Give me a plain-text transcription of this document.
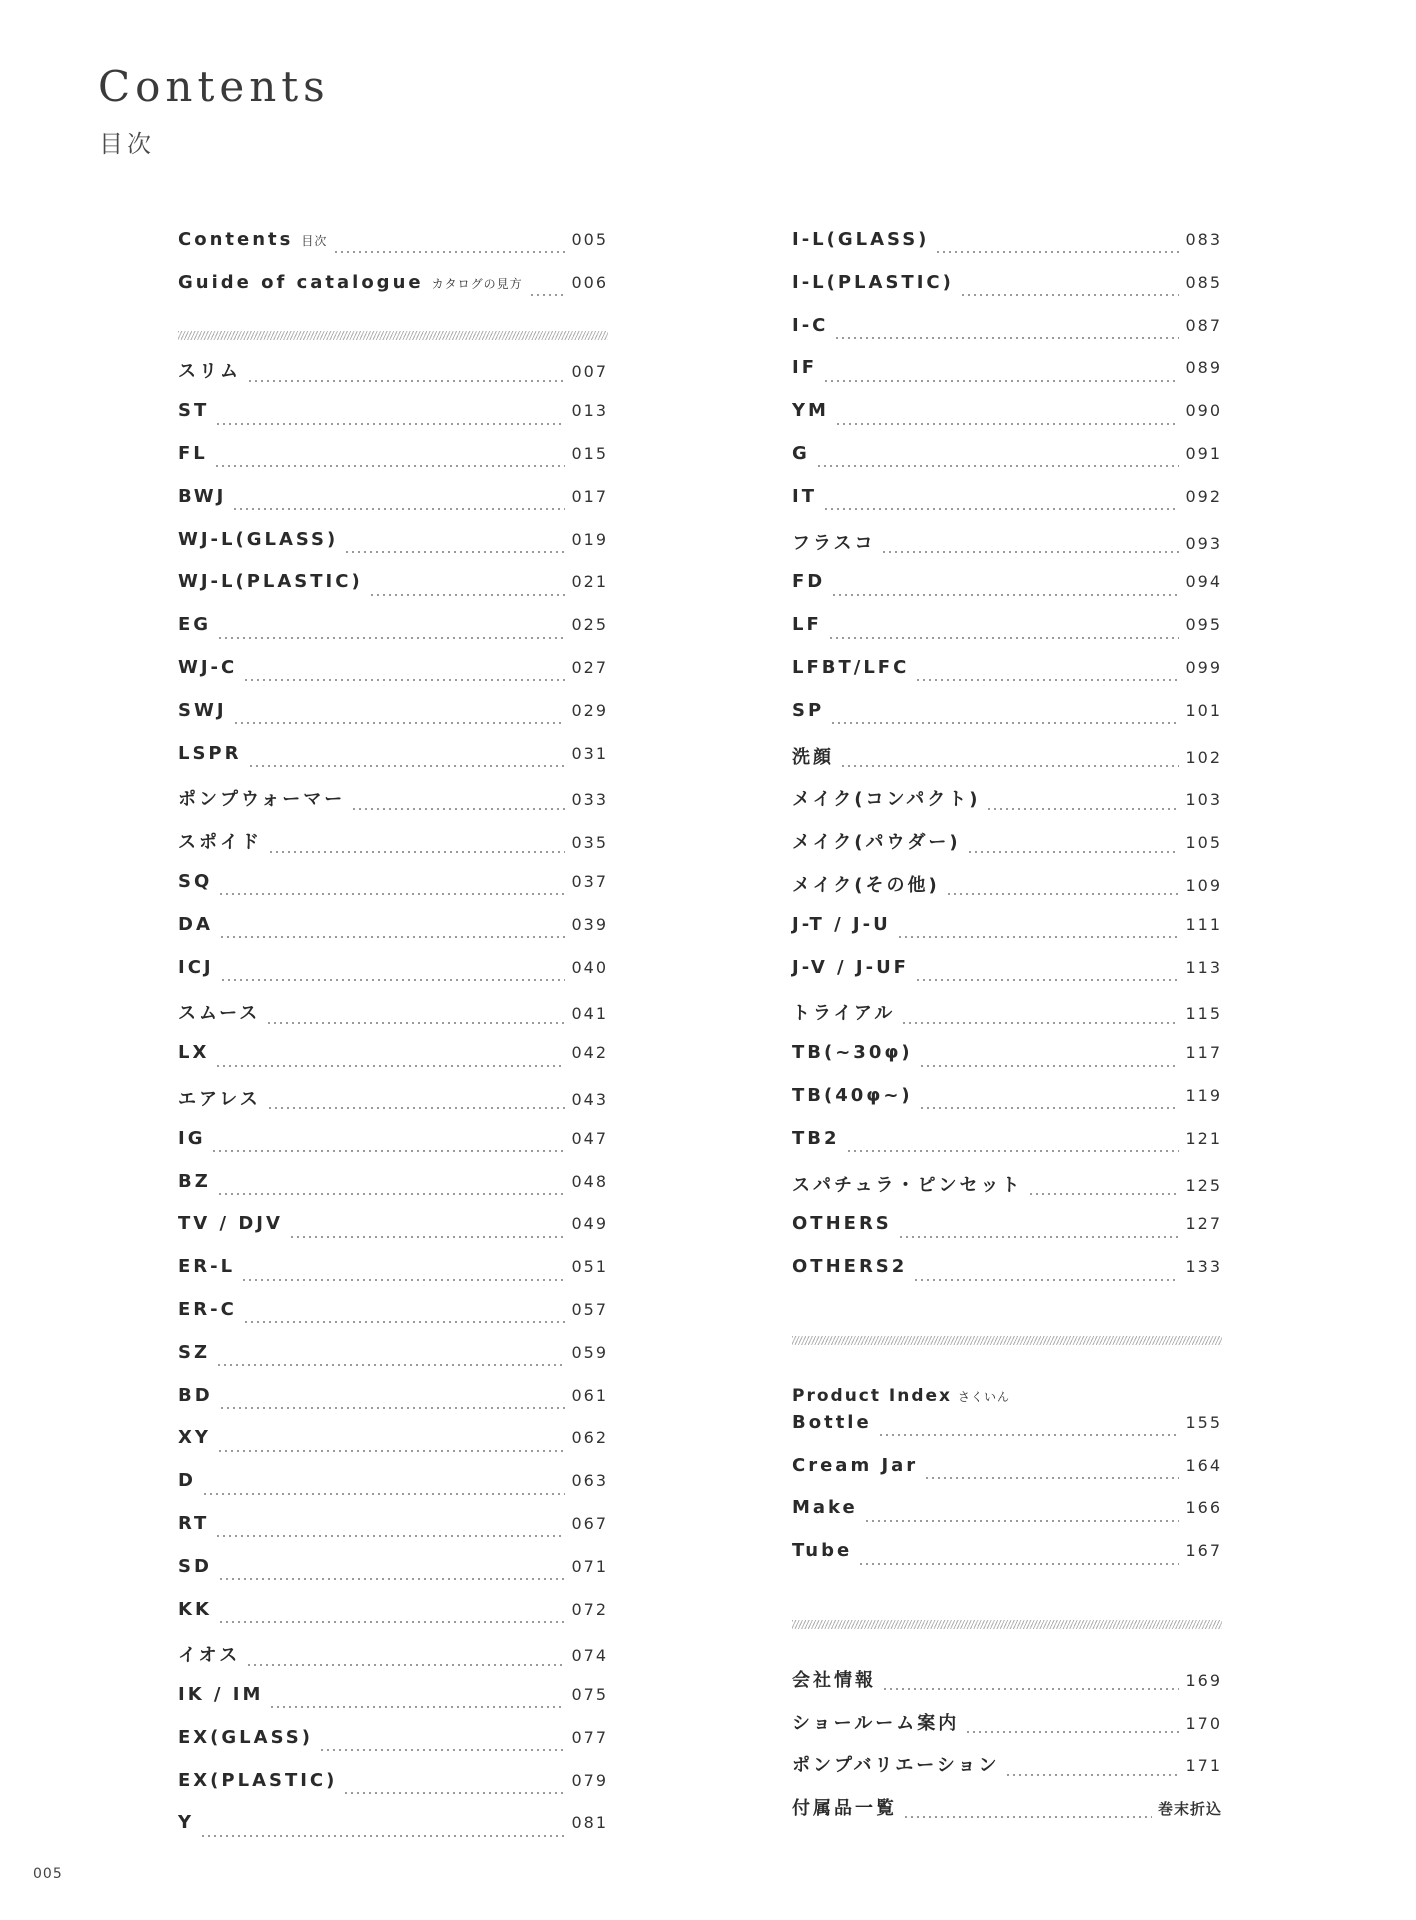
Contents
目次
Contents 目次	005
Guide of catalogue カタログの見方	006
スリム	007
ST	013
FL	015
BWJ	017
WJ-L(GLASS)	019
WJ-L(PLASTIC)	021
EG	025
WJ-C	027
SWJ	029
LSPR	031
ポンプウォーマー	033
スポイド	035
SQ	037
DA	039
ICJ	040
スムース	041
LX	042
エアレス	043
IG	047
BZ	048
TV / DJV	049
ER-L	051
ER-C	057
SZ	059
BD	061
XY	062
D	063
RT	067
SD	071
KK	072
イオス	074
IK / IM	075
EX(GLASS)	077
EX(PLASTIC)	079
Y	081
I-L(GLASS)	083
I-L(PLASTIC)	085
I-C	087
IF	089
YM	090
G	091
IT	092
フラスコ	093
FD	094
LF	095
LFBT/LFC	099
SP	101
洗顔	102
メイク(コンパクト)	103
メイク(パウダー)	105
メイク(その他)	109
J-T / J-U	111
J-V / J-UF	113
トライアル	115
TB(~30φ)	117
TB(40φ~)	119
TB2	121
スパチュラ・ピンセット	125
OTHERS	127
OTHERS2	133
Product Index さくいん
Bottle	155
Cream Jar	164
Make	166
Tube	167
会社情報	169
ショールーム案内	170
ポンプバリエーション	171
付属品一覧	巻末折込
005
